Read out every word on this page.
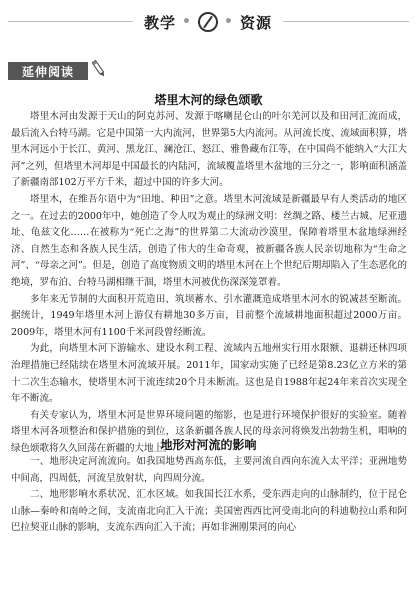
教学 • • 资源
延伸阅读
塔里木河的绿色颂歌

塔里木河由发源于天山的阿克苏河、发源于喀喇昆仑山的叶尔羌河以及和田河汇流而成，最后流入台特马湖。它是中国第一大内流河，世界第5大内流河。从河流长度、流域面积算，塔里木河远小于长江、黄河、黑龙江、澜沧江、怒江、雅鲁藏布江等，在中国尚不能纳入“大江大河”之列，但塔里木河却是中国最长的内陆河，流域覆盖塔里木盆地的三分之一，影响面积涵盖了新疆南部102万平方千米，超过中国的许多大河。

塔里木，在维吾尔语中为“田地、种田”之意。塔里木河流域是新疆最早有人类活动的地区之一。在过去的2000年中，她创造了令人叹为观止的绿洲文明：丝绸之路、楼兰古城、尼亚遗址、龟兹文化……在被称为“死亡之海”的世界第二大流动沙漠里，保障着塔里木盆地绿洲经济、自然生态和各族人民生活，创造了伟大的生命奇观，被新疆各族人民亲切地称为“生命之河”、“母亲之河”。但是，创造了高度物质文明的塔里木河在上个世纪后期却陷入了生态恶化的绝境，罗布泊、台特马湖相继干涸，塔里木河被优伤深深笼罩着。

多年来无节制的大面积开荒造田、筑坝蓄水、引水灌溉造成塔里木河水的锐减甚至断流。据统计，1949年塔里木河上游仅有耕地30多万亩，目前整个流域耕地面积超过2000万亩。2009年，塔里木河有1100千米河段曾经断流。

为此，向塔里木河下游输水、建设水利工程、流域内五地州实行用水限额、退耕还林四项治理措施已经陆续在塔里木河流域开展。2011年，国家动实施了已经是第8.23亿立方米的第十二次生态输水，使塔里木河干流连续20个月未断流。这也是自1988年起24年来首次实现全年不断流。

有关专家认为，塔里木河是世界环境问题的缩影，也是进行环境保护很好的实验室。随着塔里木河各项整治和保护措施的到位，这条新疆各族人民的母亲河将焕发出勃勃生机，唱响的绿色颂歌将久久回荡在新疆的大地上。

地形对河流的影响

一、地形决定河流流向。如我国地势西高东低，主要河流自西向东流入太平洋；亚洲地势中间高，四周低，河流呈放射状，向四周分流。

二、地形影响水系状况、汇水区域。如我国长江水系，受东西走向的山脉制约，位于昆仑山脉—秦岭和南岭之间，支流南北向汇入干流；美国密西西比河受南北向的科迪勒拉山系和阿巴拉契亚山脉的影响，支流东西向汇入干流；再如非洲刚果河的向心
